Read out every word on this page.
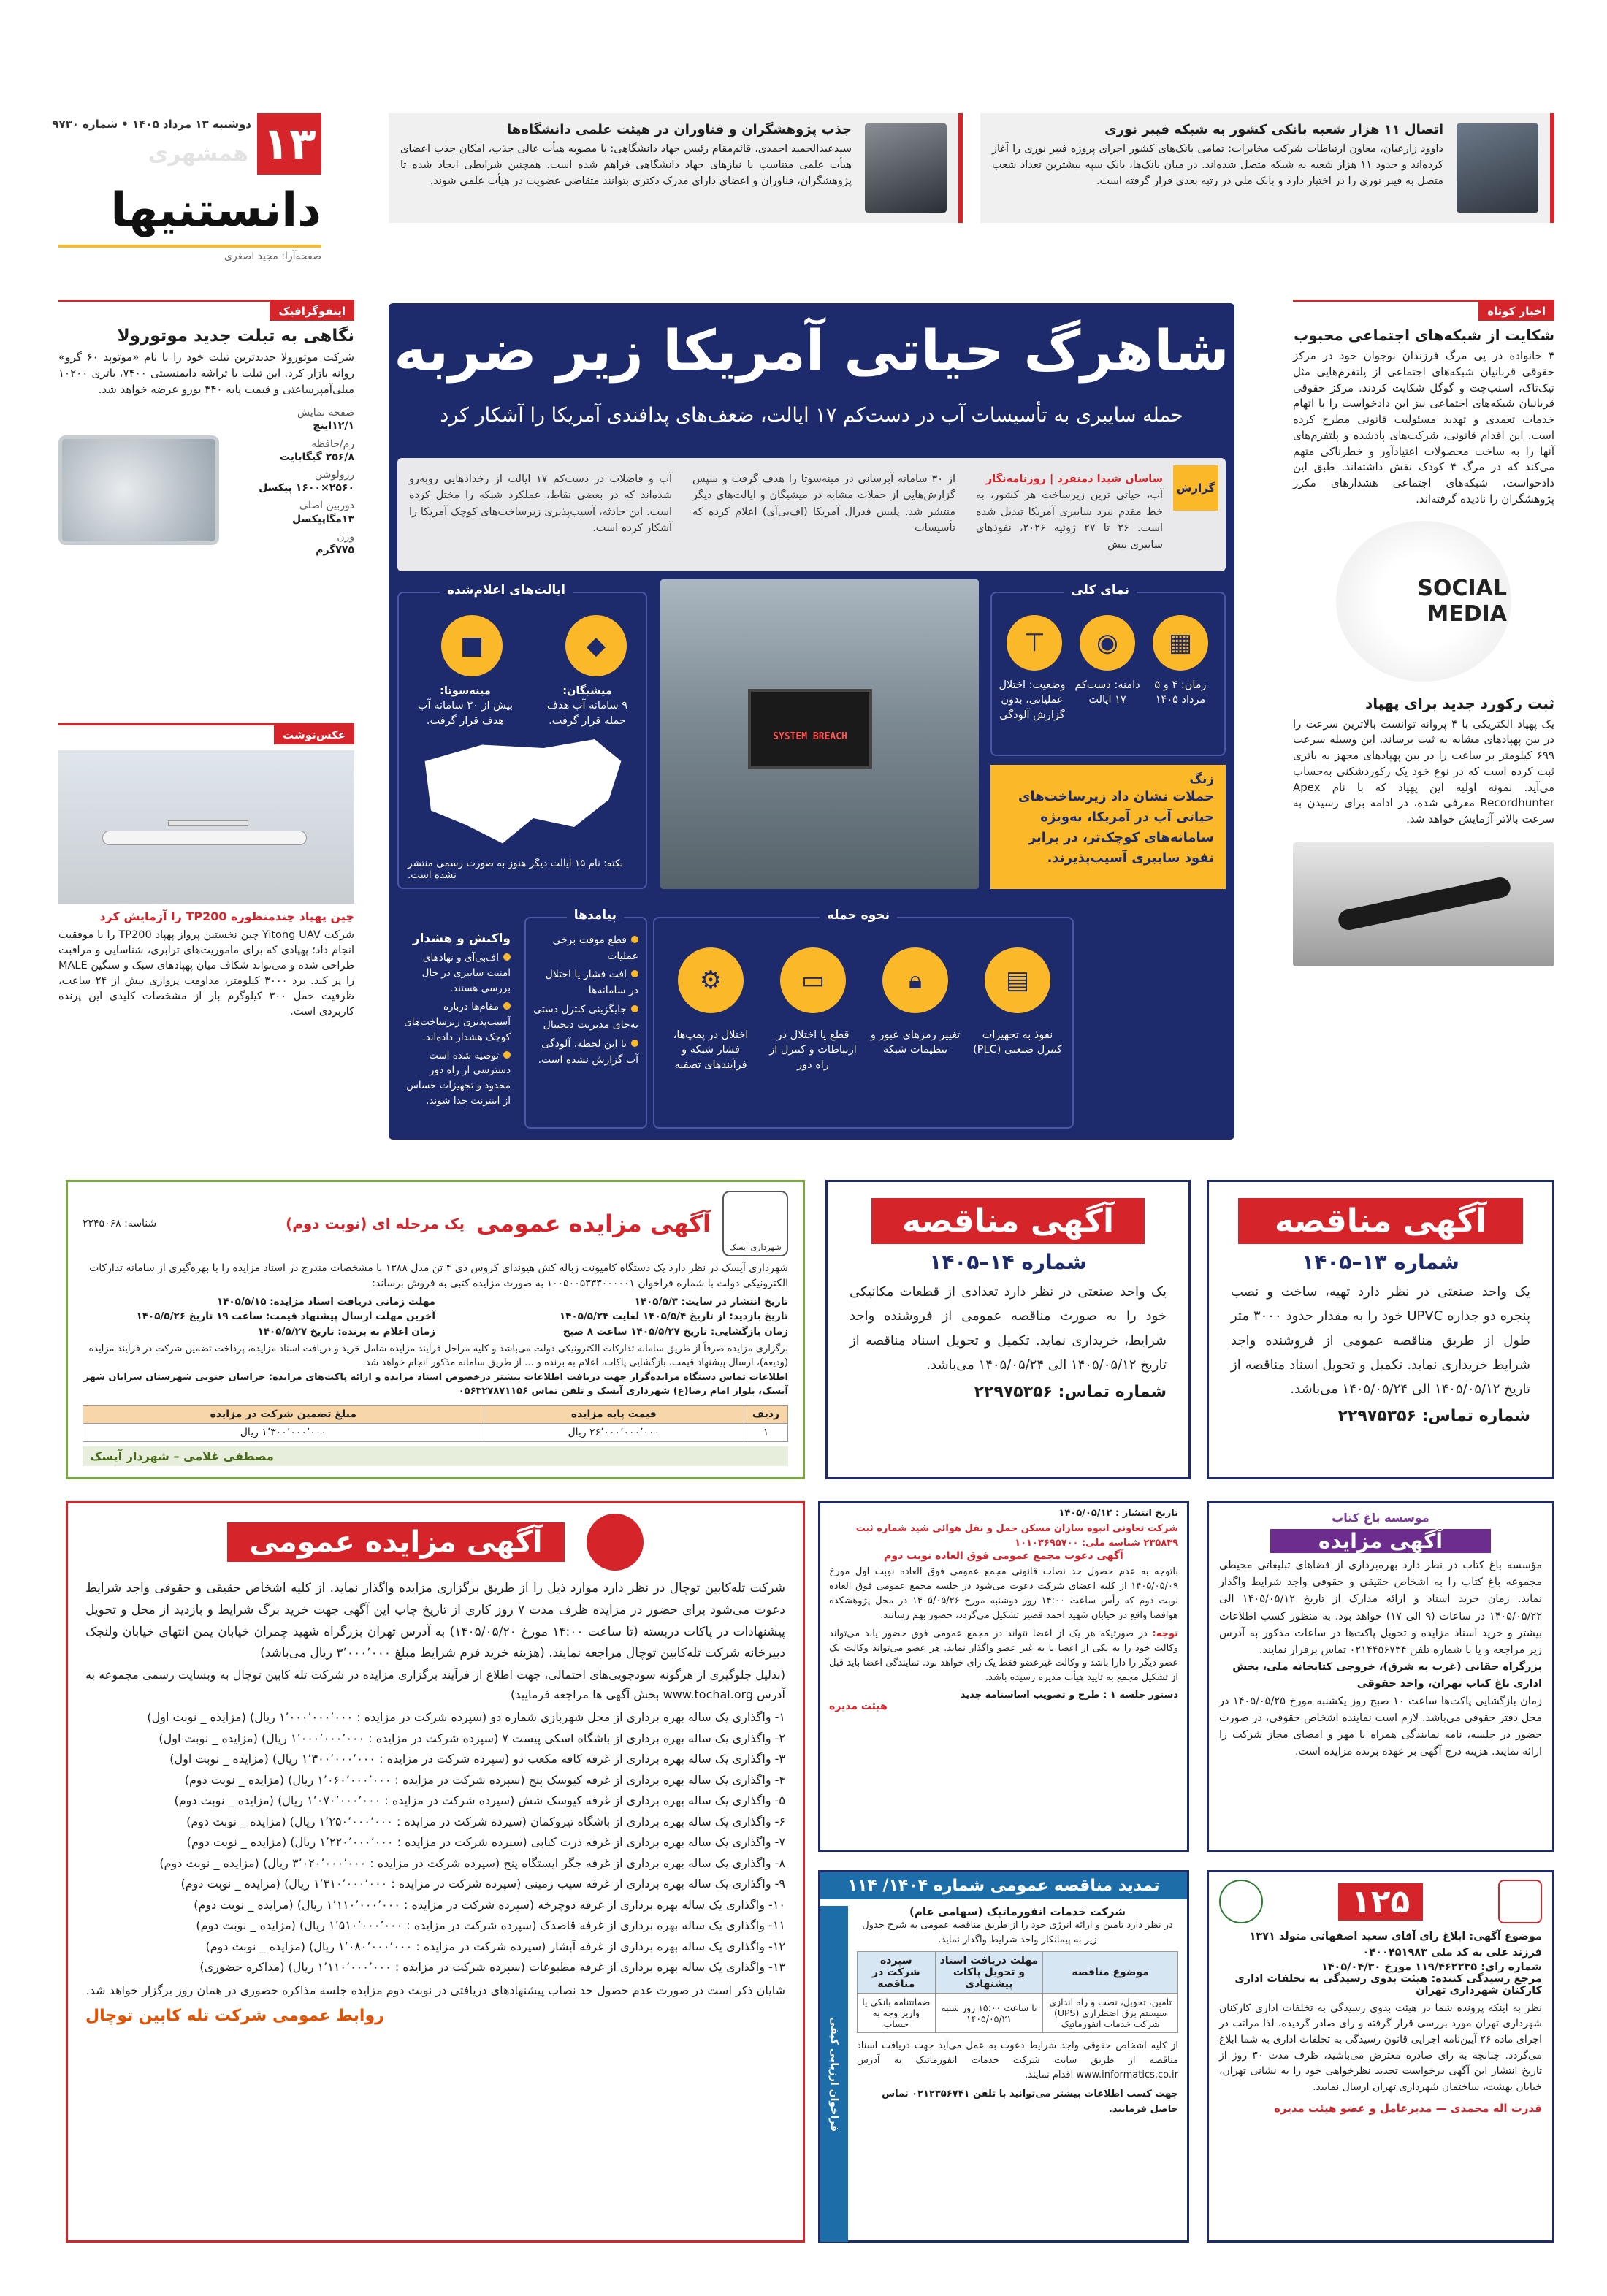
۱۳
دوشنبه ۱۳ مرداد ۱۴۰۵ • شماره ۹۷۳۰
همشهری
دانستنیها
صفحه‌آرا: مجید اصغری
اتصال ۱۱ هزار شعبه بانکی کشور به شبکه فیبر نوری

داوود زارعیان، معاون ارتباطات شرکت مخابرات: تمامی بانک‌های کشور اجرای پروژه فیبر نوری را آغاز کرده‌اند و حدود ۱۱ هزار شعبه به شبکه متصل شده‌اند. در میان بانک‌ها، بانک سپه بیشترین تعداد شعب متصل به فیبر نوری را در اختیار دارد و بانک ملی در رتبه بعدی قرار گرفته است.

جذب پژوهشگران و فناوران در هیئت علمی دانشگاه‌ها

سیدعبدالحمید احمدی، قائم‌مقام رئیس جهاد دانشگاهی: با مصوبه هیأت عالی جذب، امکان جذب اعضای هیأت علمی متناسب با نیازهای جهاد دانشگاهی فراهم شده است. همچنین شرایطی ایجاد شده تا پژوهشگران، فناوران و اعضای دارای مدرک دکتری بتوانند متقاضی عضویت در هیأت علمی شوند.

اخبار کوتاه
شکایت از شبکه‌های اجتماعی محبوب
۴ خانواده در پی مرگ فرزندان نوجوان خود در مرکز حقوقی قربانیان شبکه‌های اجتماعی از پلتفرم‌هایی مثل تیک‌تاک، اسنپ‌چت و گوگل شکایت کردند. مرکز حقوقی قربانیان شبکه‌های اجتماعی نیز این دادخواست را با اتهام خدمات تعمدی و تهدید مسئولیت قانونی مطرح کرده است. این اقدام قانونی، شرکت‌های پادشده و پلتفرم‌های آنها را به ساخت محصولات اعتیادآور و خطرناکی متهم می‌کند که در مرگ ۴ کودک نقش داشته‌اند. طبق این دادخواست، شبکه‌های اجتماعی هشدارهای مکرر پژوهشگران را نادیده گرفته‌اند.
SOCIAL MEDIA
ثبت رکورد جدید برای پهپاد
یک پهپاد الکتریکی با ۴ پروانه توانست بالاترین سرعت را در بین پهپادهای مشابه به ثبت برساند. این وسیله سرعت ۶۹۹ کیلومتر بر ساعت را در بین پهپادهای مجهز به باتری ثبت کرده است که در نوع خود یک رکوردشکنی به‌حساب می‌آید. نمونه اولیه این پهپاد که با نام Apex Recordhunter معرفی شده، در ادامه برای رسیدن به سرعت بالاتر آزمایش خواهد شد.
اینفوگرافیک
نگاهی به تبلت جدید موتورولا
شرکت موتورولا جدیدترین تبلت خود را با نام «موتوپد ۶۰ گرو» روانه بازار کرد. این تبلت با تراشه دایمنسیتی ۷۴۰۰، باتری ۱۰۲۰۰ میلی‌آمپرساعتی و قیمت پایه ۳۴۰ یورو عرضه خواهد شد.
صفحه نمایش
۱۲/۱اینچ
رم/حافظه
۲۵۶/۸ گیگابایت
رزولوشن
۲۵۶۰×۱۶۰۰ پیکسل
دوربین اصلی
۱۳مگاپیکسل
وزن
۷۷۵گرم
عکس‌نوشت
چین پهپاد چندمنظوره TP200 را آزمایش کرد
شرکت Yitong UAV چین نخستین پرواز پهپاد TP200 را با موفقیت انجام داد؛ پهپادی که برای ماموریت‌های ترابری، شناسایی و مراقبت طراحی شده و می‌تواند شکاف میان پهپادهای سبک و سنگین MALE را پر کند. برد ۳۰۰۰ کیلومتر، مداومت پروازی بیش از ۲۴ ساعت، ظرفیت حمل ۳۰۰ کیلوگرم بار از مشخصات کلیدی این پرنده کاربردی است.
شاهرگ حیاتی آمریکا زیر ضربه
حمله سایبری به تأسیسات آب در دست‌کم ۱۷ ایالت، ضعف‌های پدافندی آمریکا را آشکار کرد
گزارش
ساسان شیدا دمنفرد | روزنامه‌نگار
آب، حیاتی ترین زیرساخت هر کشور، به خط مقدم نبرد سایبری آمریکا تبدیل شده است. ۲۶ تا ۲۷ ژوئیه ۲۰۲۶، نفوذهای سایبری بیش
از ۳۰ سامانه آبرسانی در مینه‌سوتا را هدف گرفت و سپس گزارش‌هایی از حملات مشابه در میشیگان و ایالت‌های دیگر منتشر شد. پلیس فدرال آمریکا (اف‌بی‌آی) اعلام کرده که تأسیسات
آب و فاضلاب در دست‌کم ۱۷ ایالت از رخدادهایی روبه‌رو شده‌اند که در بعضی نقاط، عملکرد شبکه را مختل کرده است. این حادثه، آسیب‌پذیری زیرساخت‌های کوچک آمریکا را آشکار کرده است.
نمای کلی
▦
◉
⊤
زمان: ۴ و ۵ مرداد ۱۴۰۵
دامنه: دست‌کم ۱۷ ایالت
وضعیت: اختلال عملیاتی، بدون گزارش آلودگی
زنگ
حملات نشان داد زیرساخت‌های حیاتی آب در آمریکا، به‌ویژه سامانه‌های کوچک‌تر، در برابر نفوذ سایبری آسیب‌پذیرند.
SYSTEM BREACH
ایالت‌های اعلام‌شده
◆
■
میشیگان:
۹ سامانه آب هدف حمله قرار گرفت.
مینه‌سوتا:
بیش از ۳۰ سامانه آب هدف قرار گرفت.
نکته: نام ۱۵ ایالت دیگر هنوز به صورت رسمی منتشر نشده است.
نحوه حمله
▤
🔒︎
▭
⚙︎
نفوذ به تجهیزات کنترل صنعتی (PLC)
تغییر رمزهای عبور و تنظیمات شبکه
قطع یا اختلال در ارتباطات و کنترل از راه دور
اختلال در پمپ‌ها، فشار شبکه و فرآیندهای تصفیه
پیامدها
قطع موقت برخی عملیات
افت فشار یا اختلال در سامانه‌ها
جایگزینی کنترل دستی به‌جای مدیریت دیجیتال
تا این لحظه، آلودگی آب گزارش نشده است.
واکنش و هشدار
اف‌بی‌آی و نهادهای امنیت سایبری در حال بررسی هستند.
مقام‌ها درباره آسیب‌پذیری زیرساخت‌های کوچک هشدار داده‌اند.
توصیه شده است دسترسی از راه دور محدود و تجهیزات حساس از اینترنت جدا شوند.
آگهی مناقصه
شماره ۱۳–۱۴۰۵
یک واحد صنعتی در نظر دارد تهیه، ساخت و نصب پنجره دو جداره UPVC خود را به مقدار حدود ۳۰۰۰ متر طول از طریق مناقصه عمومی از فروشنده واجد شرایط خریداری نماید. تکمیل و تحویل اسناد مناقصه از تاریخ ۱۴۰۵/۰۵/۱۲ الی ۱۴۰۵/۰۵/۲۴ می‌باشد.
شماره تماس: ۲۲۹۷۵۳۵۶
آگهی مناقصه
شماره ۱۴–۱۴۰۵
یک واحد صنعتی در نظر دارد تعدادی از قطعات مکانیکی خود را به صورت مناقصه عمومی از فروشنده واجد شرایط، خریداری نماید. تکمیل و تحویل اسناد مناقصه از تاریخ ۱۴۰۵/۰۵/۱۲ الی ۱۴۰۵/۰۵/۲۴ می‌باشد.
شماره تماس: ۲۲۹۷۵۳۵۶
شهرداری آیسک
آگهی مزایده عمومی
یک مرحله ای (نوبت دوم)
شناسه: ۲۲۴۵۰۶۸
شهرداری آیسک در نظر دارد یک دستگاه کامیونت زباله کش هیوندای کروس دی ۴ تن مدل ۱۳۸۸ با مشخصات مندرج در اسناد مزایده را با بهره‌گیری از سامانه تدارکات الکترونیکی دولت با شماره فراخوان ۱۰۰۵۰۰۵۳۳۳۰۰۰۰۰۱ به صورت مزایده کتبی به فروش برساند:
تاریخ انتشار در سایت: ۱۴۰۵/۵/۳
مهلت زمانی دریافت اسناد مزایده: ۱۴۰۵/۵/۱۵
تاریخ بازدید: از تاریخ ۱۴۰۵/۵/۴ لغایت ۱۴۰۵/۵/۲۴
آخرین مهلت ارسال پیشنهاد قیمت: ساعت ۱۹ تاریخ ۱۴۰۵/۵/۲۶
زمان بازگشایی: تاریخ ۱۴۰۵/۵/۲۷ ساعت ۸ صبح
زمان اعلام به برنده: تاریخ ۱۴۰۵/۵/۲۷
برگزاری مزایده صرفاً از طریق سامانه تدارکات الکترونیکی دولت می‌باشد و کلیه مراحل فرآیند مزایده شامل خرید و دریافت اسناد مزایده، پرداخت تضمین شرکت در فرآیند مزایده (ودیعه)، ارسال پیشنهاد قیمت، بازگشایی پاکات، اعلام به برنده و ... از طریق سامانه مذکور انجام خواهد شد.
اطلاعات تماس دستگاه مزایده‌گزار جهت دریافت اطلاعات بیشتر درخصوص اسناد مزایده و ارائه پاکت‌های مزایده: خراسان جنوبی شهرستان سرایان شهر آیسک، بلوار امام رضا(ع) شهرداری آیسک و تلفن تماس ۰۵۶۳۲۷۸۷۱۱۵۶
ردیف	قیمت پایه مزایده	مبلغ تضمین شرکت در مزایده
۱	۲۶٬۰۰۰٬۰۰۰٬۰۰۰ ریال	۱٬۳۰۰٬۰۰۰٬۰۰۰ ریال
مصطفی غلامی – شهردار آیسک
موسسه باغ کتاب
آگهی مزایده
مؤسسه باغ کتاب در نظر دارد بهره‌برداری از فضاهای تبلیغاتی محیطی مجموعه باغ کتاب را به اشخاص حقیقی و حقوقی واجد شرایط واگذار نماید. زمان خرید اسناد و ارائه مدارک از تاریخ ۱۴۰۵/۰۵/۱۲ الی ۱۴۰۵/۰۵/۲۲ در ساعات (۹ الی ۱۷) خواهد بود. به منظور کسب اطلاعات بیشتر و خرید اسناد مزایده و تحویل پاکت‌ها در ساعات مذکور به آدرس زیر مراجعه و یا با شماره تلفن ۰۲۱۴۴۵۶۷۳۴ تماس برقرار نمایند.
بزرگراه حقانی (غرب به شرق)، خروجی کتابخانه ملی، بخش اداری باغ کتاب تهران، واحد حقوقی
زمان بازگشایی پاکت‌ها ساعت ۱۰ صبح روز یکشنبه مورخ ۱۴۰۵/۰۵/۲۵ در محل دفتر حقوقی می‌باشد. لازم است نماینده اشخاص حقوقی، در صورت حضور در جلسه، نامه نمایندگی همراه با مهر و امضای مجاز شرکت را ارائه نمایند. هزینه درج آگهی بر عهده برنده مزایده است.
۱۲۵
موضوع آگهی: ابلاغ رای آقای سعید اصفهانی متولد ۱۳۷۱ فرزند علی به کد ملی ۰۴۰۰۴۵۱۹۸۳
شماره رای: ۱۱۹/۴۶۲۲۳۵ مورخ ۱۴۰۵/۰۴/۳۰
مرجع رسیدگی کننده: هیئت بدوی رسیدگی به تخلفات اداری کارکنان شهرداری تهران
نظر به اینکه پرونده شما در هیئت بدوی رسیدگی به تخلفات اداری کارکنان شهرداری تهران مورد بررسی قرار گرفته و رای صادر گردیده، لذا مراتب در اجرای ماده ۲۶ آیین‌نامه اجرایی قانون رسیدگی به تخلفات اداری به شما ابلاغ می‌گردد. چنانچه به رای صادره معترض می‌باشید، ظرف مدت ۳۰ روز از تاریخ انتشار این آگهی درخواست تجدید نظرخواهی خود را به نشانی تهران، خیابان بهشت، ساختمان شهرداری تهران ارسال نمایید.
قدرت اله محمدی — مدیرعامل و عضو هیئت مدیره
تاریخ انتشار : ۱۴۰۵/۰۵/۱۲
شرکت تعاونی انبوه سازان مسکن حمل و نقل هوائی شید شماره ثبت ۲۳۵۸۳۹ شناسه ملی: ۱۰۱۰۳۶۹۵۷۰۰
آگهی دعوت مجمع عمومی فوق العاده نوبت دوم
باتوجه به عدم حصول حد نصاب قانونی مجمع عمومی فوق العاده نوبت اول مورخ ۱۴۰۵/۰۵/۰۹ از کلیه اعضای شرکت دعوت می‌شود در جلسه مجمع عمومی فوق العاده نوبت دوم که رأس ساعت ۱۴:۰۰ روز دوشنبه مورخ ۱۴۰۵/۰۵/۲۶ در محل پژوهشکده هوافضا واقع در خیابان شهید احمد قصیر تشکیل می‌گردد، حضور بهم رسانند.
توجه: در صورتیکه هر یک از اعضا نتواند در مجمع عمومی فوق حضور یابد می‌تواند وکالت خود را به یکی از اعضا یا به غیر عضو واگذار نماید. هر عضو می‌تواند وکالت یک عضو دیگر را دارا باشد و وکالت غیرعضو فقط یک رای خواهد بود. نمایندگی اعضا باید قبل از تشکیل مجمع به تایید هیأت مدیره رسیده باشد.
دستور جلسه ۱ : طرح و تصویب اساسنامه جدید
هیئت مدیره
تمدید مناقصه عمومی شماره ۱۴۰۴/ ۱۱۴
شرکت خدمات انفورماتیک (سهامی عام)
در نظر دارد تامین و ارائه انرژی خود را از طریق مناقصه عمومی به شرح جدول زیر به پیمانکار واجد شرایط واگذار نماید.
موضوع مناقصه	مهلت دریافت اسناد و تحویل پاکات پیشنهادی	سپرده شرکت در مناقصه
تامین، تحویل، نصب و راه اندازی سیستم برق اضطراری (UPS) شرکت خدمات انفورماتیک	تا ساعت ۱۵:۰۰ روز شنبه ۱۴۰۵/۰۵/۲۱	ضمانتنامه بانکی یا واریز وجه به حساب
از کلیه اشخاص حقوقی واجد شرایط دعوت به عمل می‌آید جهت دریافت اسناد مناقصه از طریق سایت شرکت خدمات انفورماتیک به آدرس www.informatics.co.ir اقدام نمایند.
جهت کسب اطلاعات بیشتر می‌توانید با تلفن ۰۲۱۲۳۵۶۷۴۱ تماس حاصل فرمایید.
فراخوان ارزیابی کیفی
آگهی مزایده عمومی
شرکت تله‌کابین توچال در نظر دارد موارد ذیل را از طریق برگزاری مزایده واگذار نماید. از کلیه اشخاص حقیقی و حقوقی واجد شرایط دعوت می‌شود برای حضور در مزایده ظرف مدت ۷ روز کاری از تاریخ چاپ این آگهی جهت خرید برگ شرایط و بازدید از محل و تحویل پیشنهادات در پاکات دربسته (تا ساعت ۱۴:۰۰ مورخ ۱۴۰۵/۰۵/۲۰) به آدرس تهران بزرگراه شهید چمران خیابان یمن انتهای خیابان ولنجک دبیرخانه شرکت تله‌کابین توچال مراجعه نمایند. (هزینه خرید فرم شرایط مبلغ ۳٬۰۰۰٬۰۰۰ ریال می‌باشد)
(بدلیل جلوگیری از هرگونه سودجویی‌های احتمالی، جهت اطلاع از فرآیند برگزاری مزایده در شرکت تله کابین توچال به وبسایت رسمی مجموعه به آدرس www.tochal.org بخش آگهی ها مراجعه فرمایید)
۱- واگذاری یک ساله بهره برداری از محل شهربازی شماره دو (سپرده شرکت در مزایده : ۱٬۰۰۰٬۰۰۰٬۰۰۰ ریال) (مزایده _ نوبت اول)
۲- واگذاری یک ساله بهره برداری از باشگاه اسکی پیست ۷ (سپرده شرکت در مزایده : ۱٬۰۰۰٬۰۰۰٬۰۰۰ ریال) (مزایده _ نوبت اول)
۳- واگذاری یک ساله بهره برداری از غرفه کافه مکعب دو (سپرده شرکت در مزایده : ۱٬۳۰۰٬۰۰۰٬۰۰۰ ریال) (مزایده _ نوبت اول)
۴- واگذاری یک ساله بهره برداری از غرفه کیوسک پنج (سپرده شرکت در مزایده : ۱٬۰۶۰٬۰۰۰٬۰۰۰ ریال) (مزایده _ نوبت دوم)
۵- واگذاری یک ساله بهره برداری از غرفه کیوسک شش (سپرده شرکت در مزایده : ۱٬۰۷۰٬۰۰۰٬۰۰۰ ریال) (مزایده _ نوبت دوم)
۶- واگذاری یک ساله بهره برداری از باشگاه تیروکمان (سپرده شرکت در مزایده : ۱٬۲۵۰٬۰۰۰٬۰۰۰ ریال) (مزایده _ نوبت دوم)
۷- واگذاری یک ساله بهره برداری از غرفه ذرت کبابی (سپرده شرکت در مزایده : ۱٬۲۲۰٬۰۰۰٬۰۰۰ ریال) (مزایده _ نوبت دوم)
۸- واگذاری یک ساله بهره برداری از غرفه جگر ایستگاه پنج (سپرده شرکت در مزایده : ۳٬۰۲۰٬۰۰۰٬۰۰۰ ریال) (مزایده _ نوبت دوم)
۹- واگذاری یک ساله بهره برداری از غرفه سیب زمینی (سپرده شرکت در مزایده : ۱٬۳۱۰٬۰۰۰٬۰۰۰ ریال) (مزایده _ نوبت دوم)
۱۰- واگذاری یک ساله بهره برداری از غرفه دوچرخه (سپرده شرکت در مزایده : ۱٬۱۱۰٬۰۰۰٬۰۰۰ ریال) (مزایده _ نوبت دوم)
۱۱- واگذاری یک ساله بهره برداری از غرفه قاصدک (سپرده شرکت در مزایده : ۱٬۵۱۰٬۰۰۰٬۰۰۰ ریال) (مزایده _ نوبت دوم)
۱۲- واگذاری یک ساله بهره برداری از غرفه آبشار (سپرده شرکت در مزایده : ۱٬۰۸۰٬۰۰۰٬۰۰۰ ریال) (مزایده _ نوبت دوم)
۱۳- واگذاری یک ساله بهره برداری از غرفه مطبوعات (سپرده شرکت در مزایده : ۱٬۱۱۰٬۰۰۰٬۰۰۰ ریال) (مذاکره حضوری)
شایان ذکر است در صورت عدم حصول حد نصاب پیشنهادهای دریافتی در نوبت دوم مزایده جلسه مذاکره حضوری در همان روز برگزار خواهد شد.
روابط عمومی شرکت تله کابین توچال
